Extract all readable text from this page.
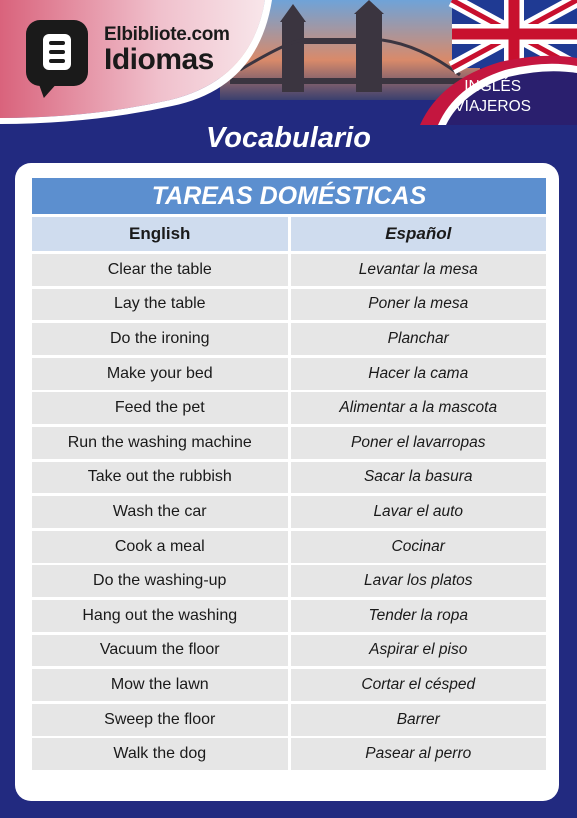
Elbibliote.com
Idiomas
INGLÉS
VIAJEROS
Vocabulario
TAREAS DOMÉSTICAS
English	Español
Clear the table	Levantar la mesa
Lay the table	Poner la mesa
Do the ironing	Planchar
Make your bed	Hacer la cama
Feed the pet	Alimentar a la mascota
Run the washing machine	Poner el lavarropas
Take out the rubbish	Sacar la basura
Wash the car	Lavar el auto
Cook a meal	Cocinar
Do the washing-up	Lavar los platos
Hang out the washing	Tender la ropa
Vacuum the floor	Aspirar el piso
Mow the lawn	Cortar el césped
Sweep the floor	Barrer
Walk the dog	Pasear al perro
